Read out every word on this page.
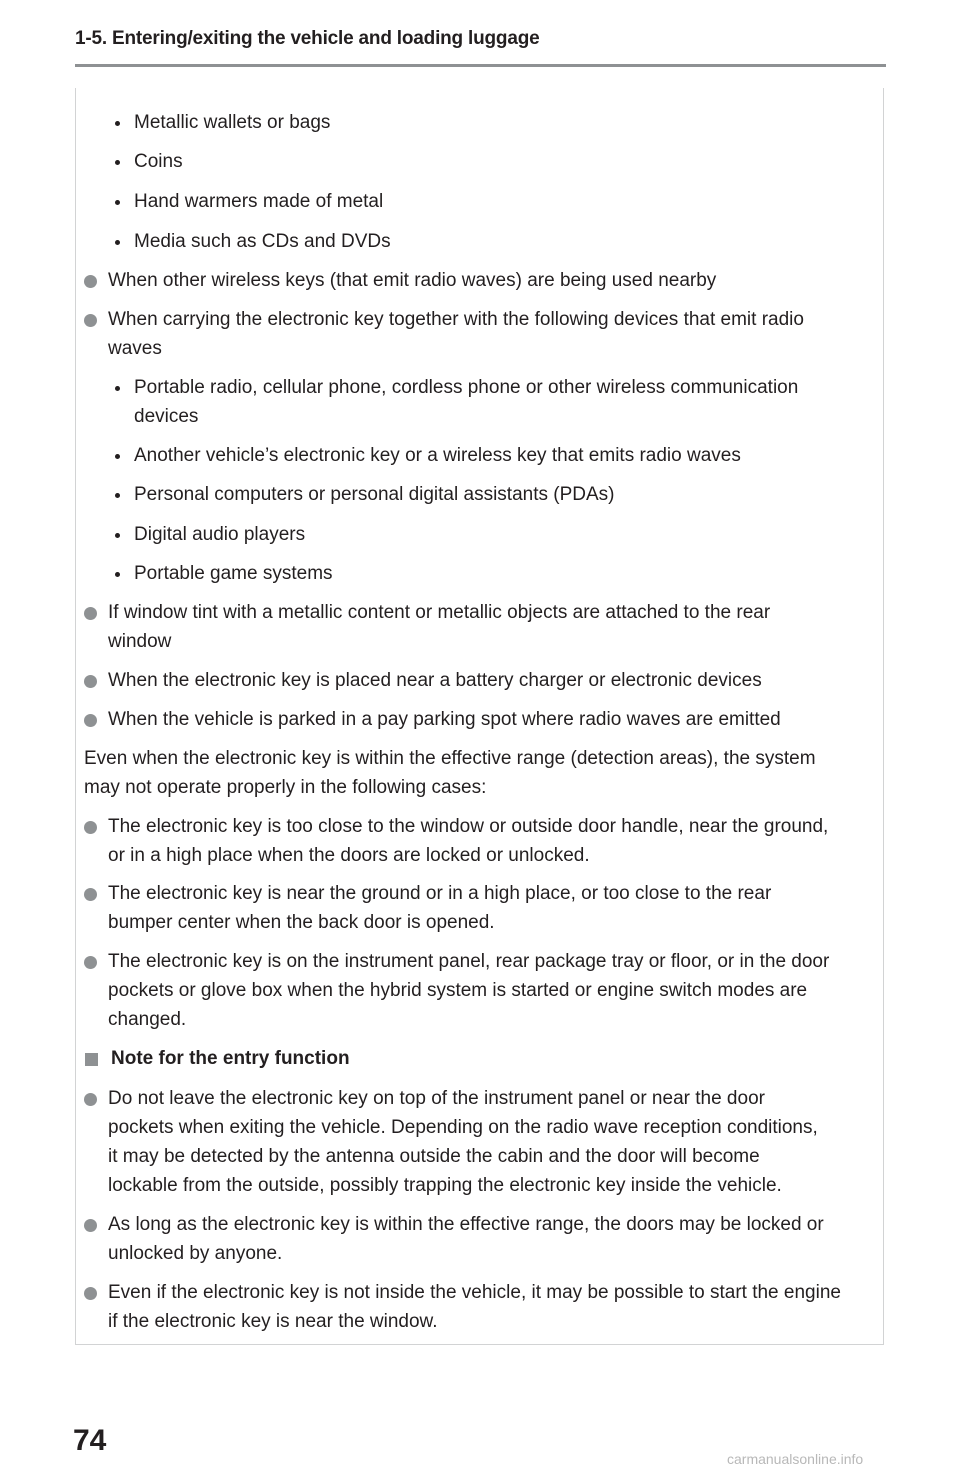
1-5. Entering/exiting the vehicle and loading luggage
Metallic wallets or bags
Coins
Hand warmers made of metal
Media such as CDs and DVDs
When other wireless keys (that emit radio waves) are being used nearby
When carrying the electronic key together with the following devices that emit radio
waves
Portable radio, cellular phone, cordless phone or other wireless communication
devices
Another vehicle’s electronic key or a wireless key that emits radio waves
Personal computers or personal digital assistants (PDAs)
Digital audio players
Portable game systems
If window tint with a metallic content or metallic objects are attached to the rear
window
When the electronic key is placed near a battery charger or electronic devices
When the vehicle is parked in a pay parking spot where radio waves are emitted
Even when the electronic key is within the effective range (detection areas), the system
may not operate properly in the following cases:
The electronic key is too close to the window or outside door handle, near the ground,
or in a high place when the doors are locked or unlocked.
The electronic key is near the ground or in a high place, or too close to the rear
bumper center when the back door is opened.
The electronic key is on the instrument panel, rear package tray or floor, or in the door
pockets or glove box when the hybrid system is started or engine switch modes are
changed.
Note for the entry function
Do not leave the electronic key on top of the instrument panel or near the door
pockets when exiting the vehicle. Depending on the radio wave reception conditions,
it may be detected by the antenna outside the cabin and the door will become
lockable from the outside, possibly trapping the electronic key inside the vehicle.
As long as the electronic key is within the effective range, the doors may be locked or
unlocked by anyone.
Even if the electronic key is not inside the vehicle, it may be possible to start the engine
if the electronic key is near the window.
74
carmanualsonline.info
